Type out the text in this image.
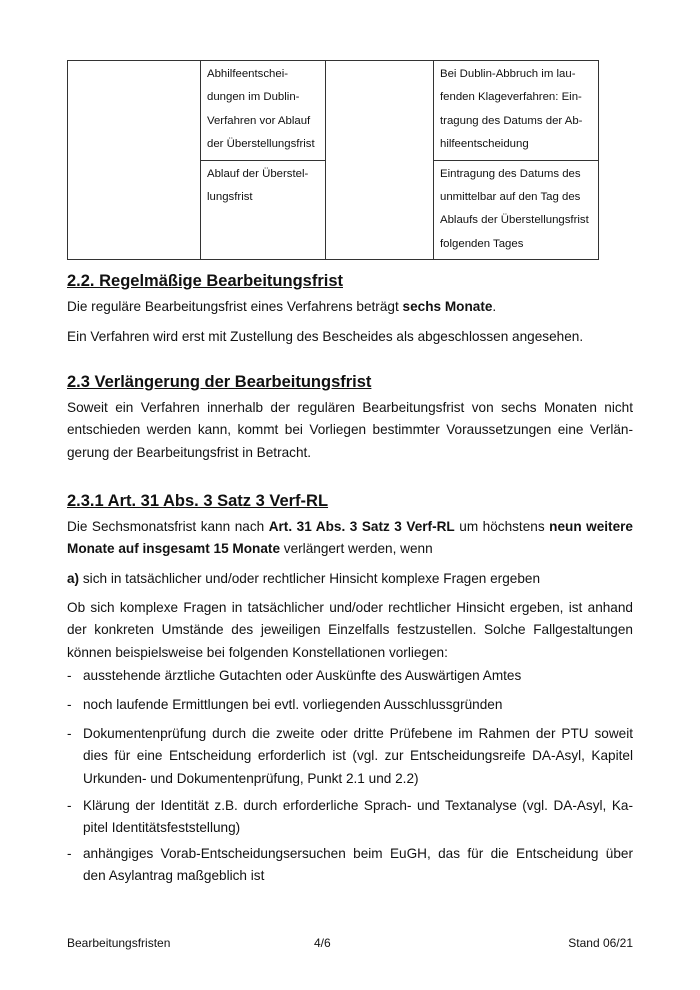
	Abhilfeentschei-
dungen im Dublin-
Verfahren vor Ablauf
der Überstellungsfrist		Bei Dublin-Abbruch im lau-
fenden Klageverfahren: Ein-
tragung des Datums der Ab-
hilfeentscheidung

	Ablauf der Überstel-
lungsfrist		Eintragung des Datums des
unmittelbar auf den Tag des
Ablaufs der Überstellungsfrist
folgenden Tages
2.2. Regelmäßige Bearbeitungsfrist
Die reguläre Bearbeitungsfrist eines Verfahrens beträgt sechs Monate.
Ein Verfahren wird erst mit Zustellung des Bescheides als abgeschlossen angesehen.
2.3 Verlängerung der Bearbeitungsfrist
Soweit ein Verfahren innerhalb der regulären Bearbeitungsfrist von sechs Monaten nicht
entschieden werden kann, kommt bei Vorliegen bestimmter Voraussetzungen eine Verlän-
gerung der Bearbeitungsfrist in Betracht.
2.3.1 Art. 31 Abs. 3 Satz 3 Verf-RL
Die Sechsmonatsfrist kann nach Art. 31 Abs. 3 Satz 3 Verf-RL um höchstens neun weitere
Monate auf insgesamt 15 Monate verlängert werden, wenn
a) sich in tatsächlicher und/oder rechtlicher Hinsicht komplexe Fragen ergeben
Ob sich komplexe Fragen in tatsächlicher und/oder rechtlicher Hinsicht ergeben, ist anhand
der konkreten Umstände des jeweiligen Einzelfalls festzustellen. Solche Fallgestaltungen
können beispielsweise bei folgenden Konstellationen vorliegen:
- ausstehende ärztliche Gutachten oder Auskünfte des Auswärtigen Amtes
- noch laufende Ermittlungen bei evtl. vorliegenden Ausschlussgründen
- Dokumentenprüfung durch die zweite oder dritte Prüfebene im Rahmen der PTU soweit
dies für eine Entscheidung erforderlich ist (vgl. zur Entscheidungsreife DA-Asyl, Kapitel
Urkunden- und Dokumentenprüfung, Punkt 2.1 und 2.2)
- Klärung der Identität z.B. durch erforderliche Sprach- und Textanalyse (vgl. DA-Asyl, Ka-
pitel Identitätsfeststellung)
- anhängiges Vorab-Entscheidungsersuchen beim EuGH, das für die Entscheidung über
den Asylantrag maßgeblich ist
Bearbeitungsfristen	4/6	Stand 06/21
